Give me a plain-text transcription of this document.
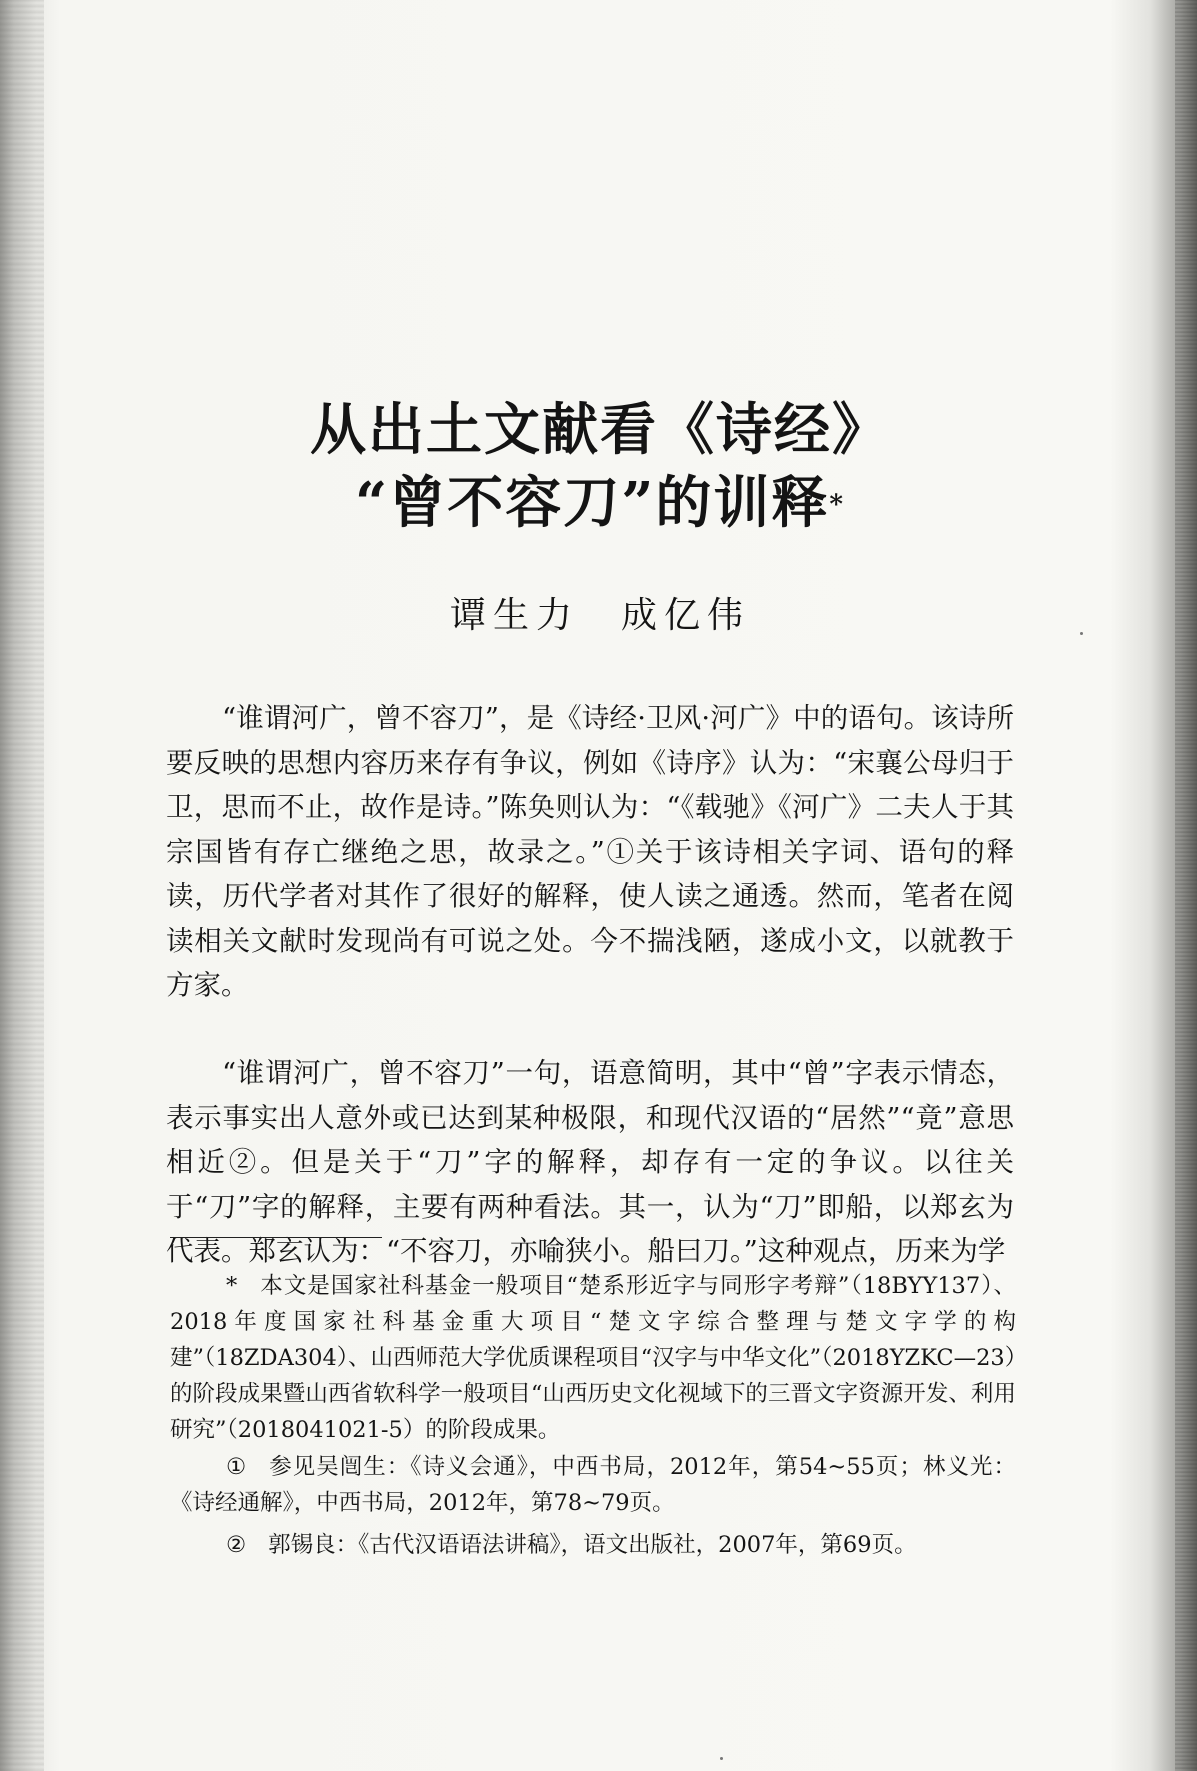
从出土文献看《诗经》
“曾不容刀”的训释*
谭生力 成亿伟

“谁谓河广，曾不容刀”，是《诗经·卫风·河广》中的语句。该诗所要反映的思想内容历来存有争议，例如《诗序》认为：“宋襄公母归于卫，思而不止，故作是诗。”陈奂则认为：“《载驰》《河广》二夫人于其宗国皆有存亡继绝之思，故录之。”①关于该诗相关字词、语句的释读，历代学者对其作了很好的解释，使人读之通透。然而，笔者在阅读相关文献时发现尚有可说之处。今不揣浅陋，遂成小文，以就教于方家。

“谁谓河广，曾不容刀”一句，语意简明，其中“曾”字表示情态，表示事实出人意外或已达到某种极限，和现代汉语的“居然”“竟”意思相近②。但是关于“刀”字的解释，却存有一定的争议。以往关于“刀”字的解释，主要有两种看法。其一，认为“刀”即船，以郑玄为代表。郑玄认为：“不容刀，亦喻狭小。船曰刀。”这种观点，历来为学

* 本文是国家社科基金一般项目“楚系形近字与同形字考辩”（18BYY137）、2018年度国家社科基金重大项目“楚文字综合整理与楚文字学的构建”（18ZDA304）、山西师范大学优质课程项目“汉字与中华文化”（2018YZKC—23）的阶段成果暨山西省软科学一般项目“山西历史文化视域下的三晋文字资源开发、利用研究”（2018041021-5）的阶段成果。

① 参见吴闿生：《诗义会通》，中西书局，2012年，第54~55页；林义光：《诗经通解》，中西书局，2012年，第78~79页。

② 郭锡良：《古代汉语语法讲稿》，语文出版社，2007年，第69页。
